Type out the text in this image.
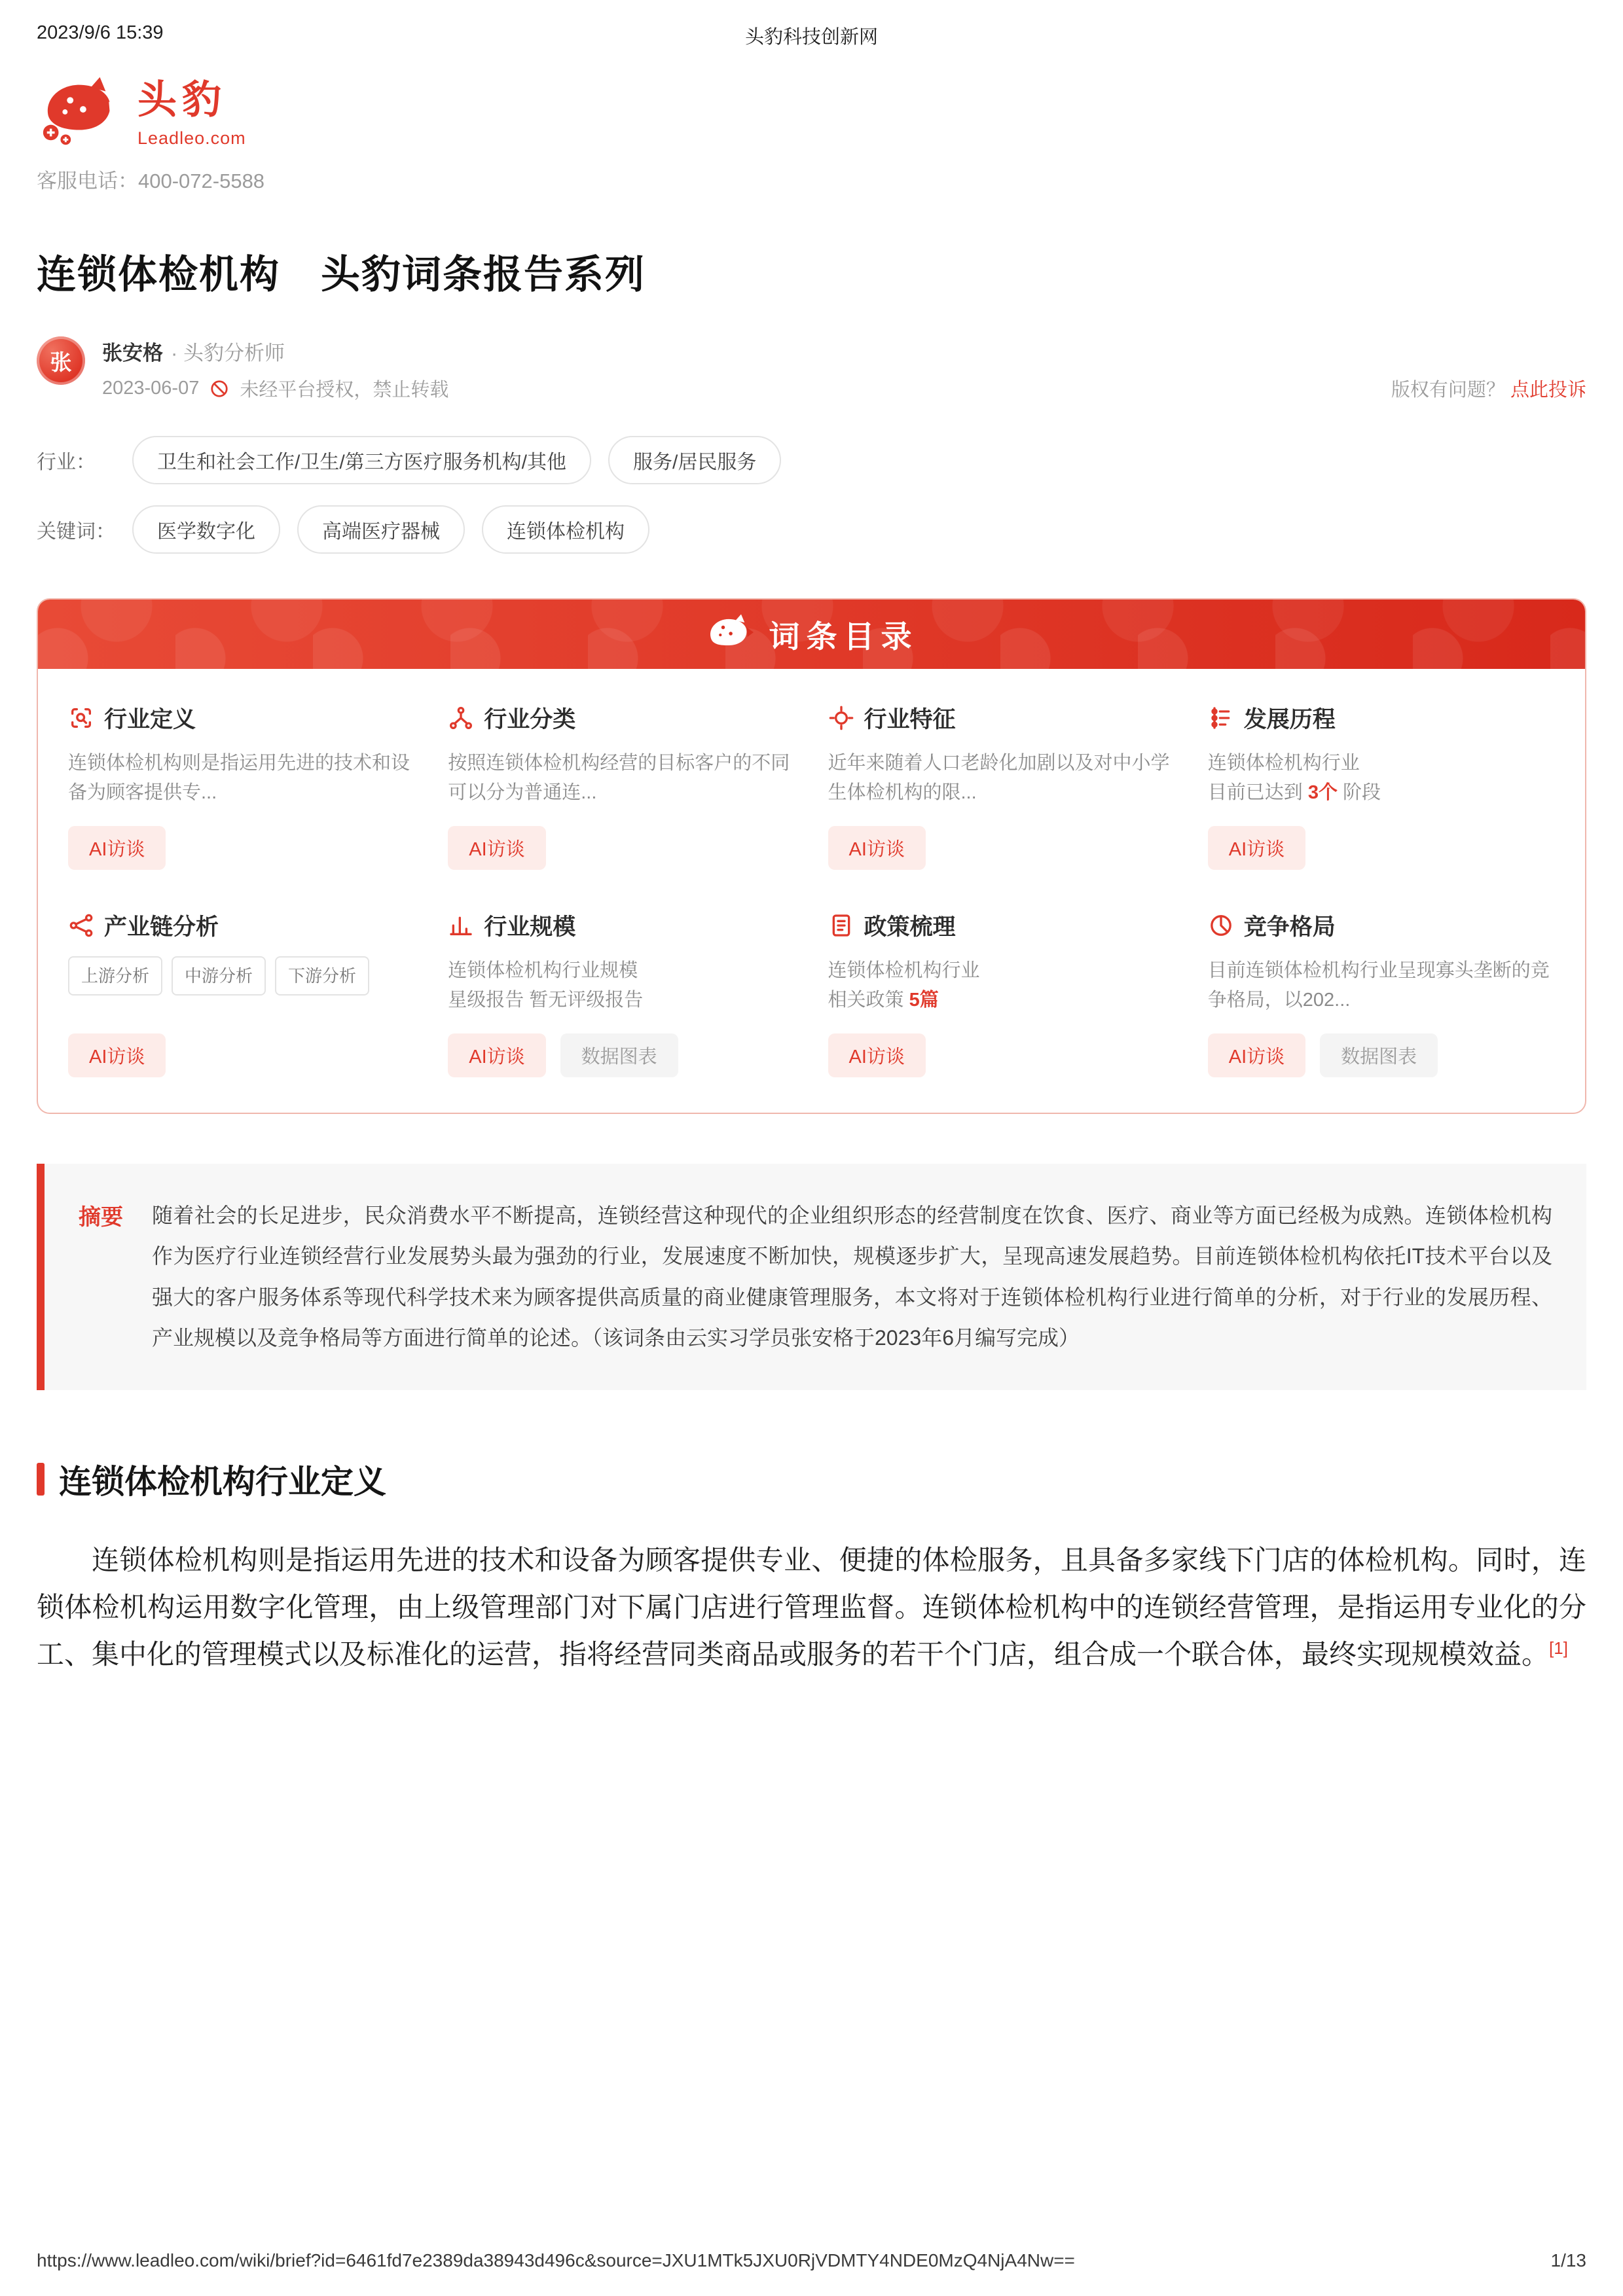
2023/9/6 15:39	头豹科技创新网
头豹
Leadleo.com
客服电话：400-072-5588
连锁体检机构　头豹词条报告系列
张 张安格 · 头豹分析师
2023-06-07 未经平台授权，禁止转载	版权有问题？ 点此投诉
行业：	卫生和社会工作/卫生/第三方医疗服务机构/其他	服务/居民服务
关键词：	医学数字化	高端医疗器械	连锁体检机构
词条目录
行业定义
连锁体检机构则是指运用先进的技术和设备为顾客提供专...
AI访谈
行业分类
按照连锁体检机构经营的目标客户的不同可以分为普通连...
AI访谈
行业特征
近年来随着人口老龄化加剧以及对中小学生体检机构的限...
AI访谈
发展历程
连锁体检机构行业
目前已达到 3个 阶段
AI访谈
产业链分析
上游分析	中游分析	下游分析
AI访谈
行业规模
连锁体检机构行业规模
星级报告 暂无评级报告
AI访谈	数据图表
政策梳理
连锁体检机构行业
相关政策 5篇
AI访谈
竞争格局
目前连锁体检机构行业呈现寡头垄断的竞争格局，以202...
AI访谈	数据图表
摘要 随着社会的长足进步，民众消费水平不断提高，连锁经营这种现代的企业组织形态的经营制度在饮食、医疗、商业等方面已经极为成熟。连锁体检机构作为医疗行业连锁经营行业发展势头最为强劲的行业，发展速度不断加快，规模逐步扩大，呈现高速发展趋势。目前连锁体检机构依托IT技术平台以及强大的客户服务体系等现代科学技术来为顾客提供高质量的商业健康管理服务，本文将对于连锁体检机构行业进行简单的分析，对于行业的发展历程、产业规模以及竞争格局等方面进行简单的论述。（该词条由云实习学员张安格于2023年6月编写完成）

连锁体检机构行业定义

连锁体检机构则是指运用先进的技术和设备为顾客提供专业、便捷的体检服务，且具备多家线下门店的体检机构。同时，连锁体检机构运用数字化管理，由上级管理部门对下属门店进行管理监督。连锁体检机构中的连锁经营管理，是指运用专业化的分工、集中化的管理模式以及标准化的运营，指将经营同类商品或服务的若干个门店，组合成一个联合体，最终实现规模效益。[1]

https://www.leadleo.com/wiki/brief?id=6461fd7e2389da38943d496c&source=JXU1MTk5JXU0RjVDMTY4NDE0MzQ4NjA4Nw==	1/13
